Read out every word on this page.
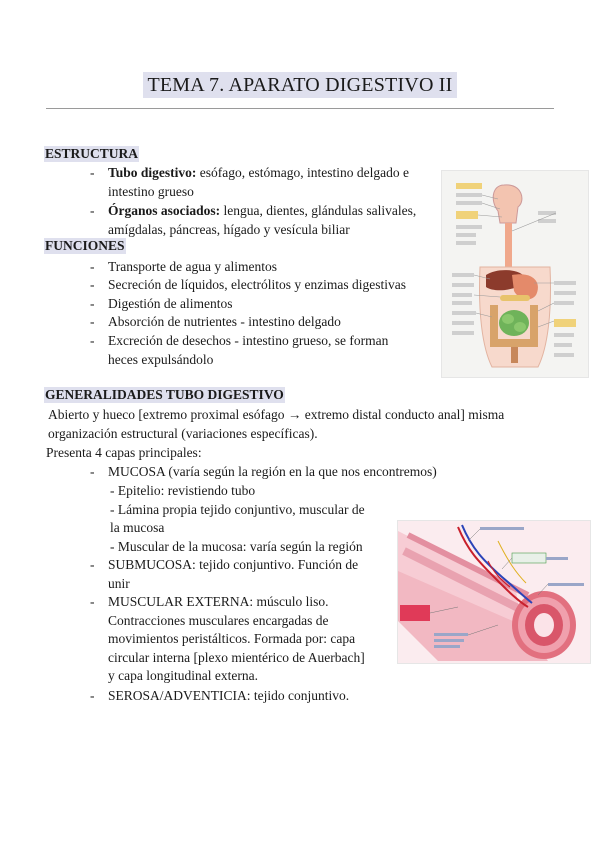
TEMA 7. APARATO DIGESTIVO II
ESTRUCTURA
- Tubo digestivo: esófago, estómago, intestino delgado e
intestino grueso
- Órganos asociados: lengua, dientes, glándulas salivales,
amígdalas, páncreas, hígado y vesícula biliar
FUNCIONES
- Transporte de agua y alimentos
- Secreción de líquidos, electrólitos y enzimas digestivas
- Digestión de alimentos
- Absorción de nutrientes - intestino delgado
- Excreción de desechos - intestino grueso, se forman
heces expulsándolo
GENERALIDADES TUBO DIGESTIVO
Abierto y hueco [extremo proximal esófago → extremo distal conducto anal] misma
organización estructural (variaciones específicas).
Presenta 4 capas principales:
- MUCOSA (varía según la región en la que nos encontremos)
- Epitelio: revistiendo tubo
- Lámina propia tejido conjuntivo, muscular de
la mucosa
- Muscular de la mucosa: varía según la región
- SUBMUCOSA: tejido conjuntivo. Función de
unir
- MUSCULAR EXTERNA: músculo liso.
Contracciones musculares encargadas de
movimientos peristálticos. Formada por: capa
circular interna [plexo mientérico de Auerbach]
y capa longitudinal externa.
- SEROSA/ADVENTICIA: tejido conjuntivo.
